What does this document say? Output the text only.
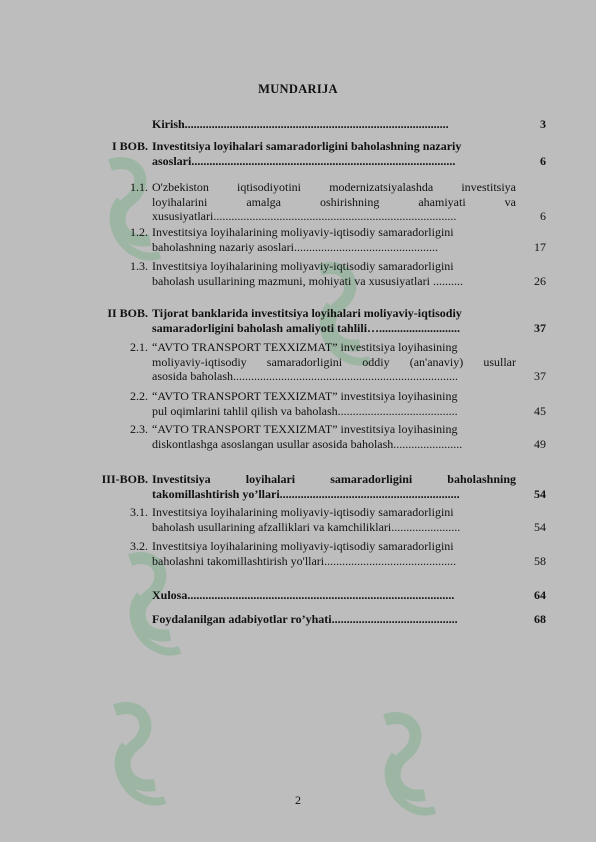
MUNDARIJA
Kirish........................................................................................	3
I BOB. Investitsiya loyihalari samaradorligini baholashning nazariy
asoslari........................................................................................	6
1.1. O'zbekiston iqtisodiyotini modernizatsiyalashda investitsiya
loyihalarini amalga oshirishning ahamiyati va
xususiyatlari.................................................................................	6
1.2. Investitsiya loyihalarining moliyaviy-iqtisodiy samaradorligini
baholashning nazariy asoslari................................................	17
1.3. Investitsiya loyihalarining moliyaviy-iqtisodiy samaradorligini
baholash usullarining mazmuni, mohiyati va xususiyatlari ..........	26
II BOB. Tijorat banklarida investitsiya loyihalari moliyaviy-iqtisodiy
samaradorligini baholash amaliyoti tahlili…...........................	37
2.1. “AVTO TRANSPORT TEXXIZMAT” investitsiya loyihasining
moliyaviy-iqtisodiy samaradorligini oddiy (an'anaviy) usullar
asosida baholash...........................................................................	37
2.2. “AVTO TRANSPORT TEXXIZMAT” investitsiya loyihasining
pul oqimlarini tahlil qilish va baholash........................................	45
2.3. “AVTO TRANSPORT TEXXIZMAT” investitsiya loyihasining
diskontlashga asoslangan usullar asosida baholash.......................	49
III-BOB. Investitsiya loyihalari samaradorligini baholashning
takomillashtirish yo’llari............................................................	54
3.1. Investitsiya loyihalarining moliyaviy-iqtisodiy samaradorligini
baholash usullarining afzalliklari va kamchiliklari.......................	54
3.2. Investitsiya loyihalarining moliyaviy-iqtisodiy samaradorligini
baholashni takomillashtirish yo'llari............................................	58
Xulosa.........................................................................................	64
Foydalanilgan adabiyotlar ro’yhati..........................................	68
2
